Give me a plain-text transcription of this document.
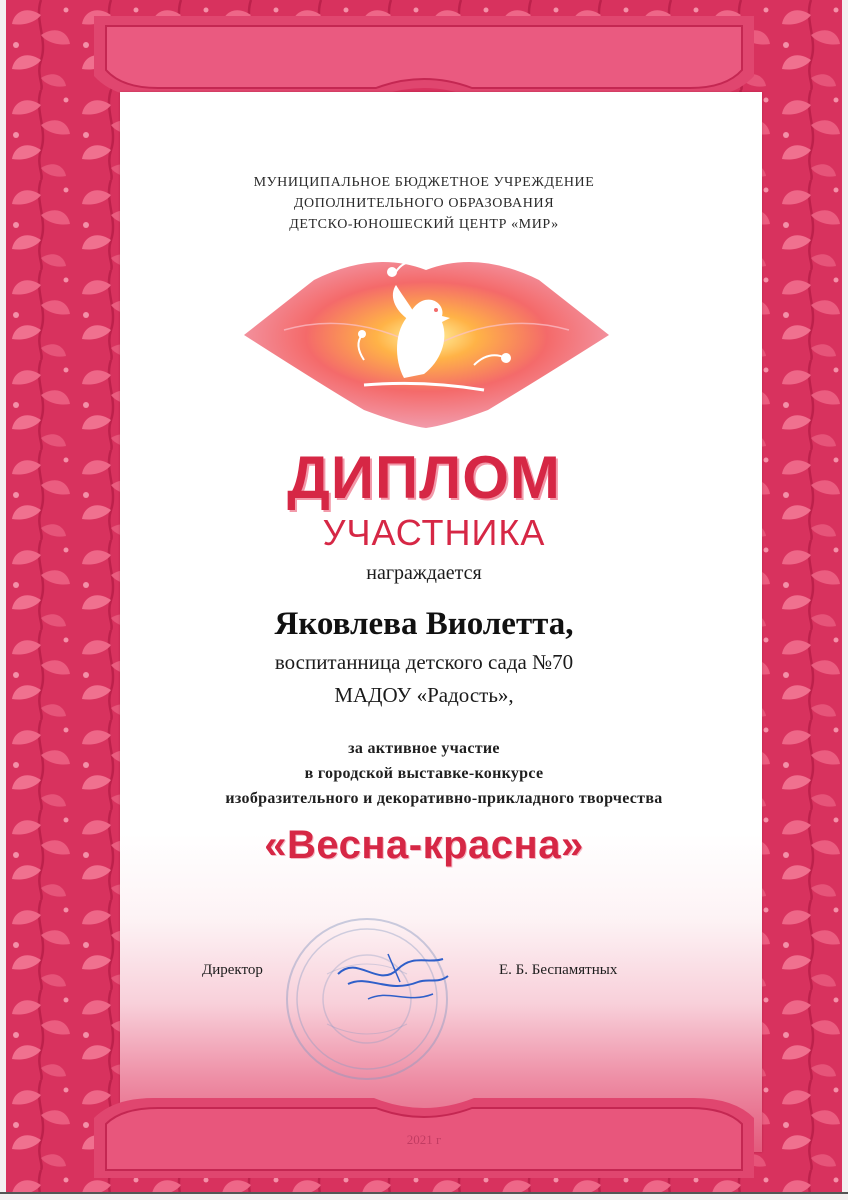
МУНИЦИПАЛЬНОЕ БЮДЖЕТНОЕ УЧРЕЖДЕНИЕ
ДОПОЛНИТЕЛЬНОГО ОБРАЗОВАНИЯ
ДЕТСКО-ЮНОШЕСКИЙ ЦЕНТР «МИР»
ДИПЛОМ
УЧАСТНИКА
награждается
Яковлева Виолетта,
воспитанница детского сада №70
МАДОУ «Радость»,
за активное участие
в городской выставке-конкурсе
изобразительного и декоративно-прикладного творчества
«Весна-красна»
Директор	Е. Б. Беспамятных
2021 г
